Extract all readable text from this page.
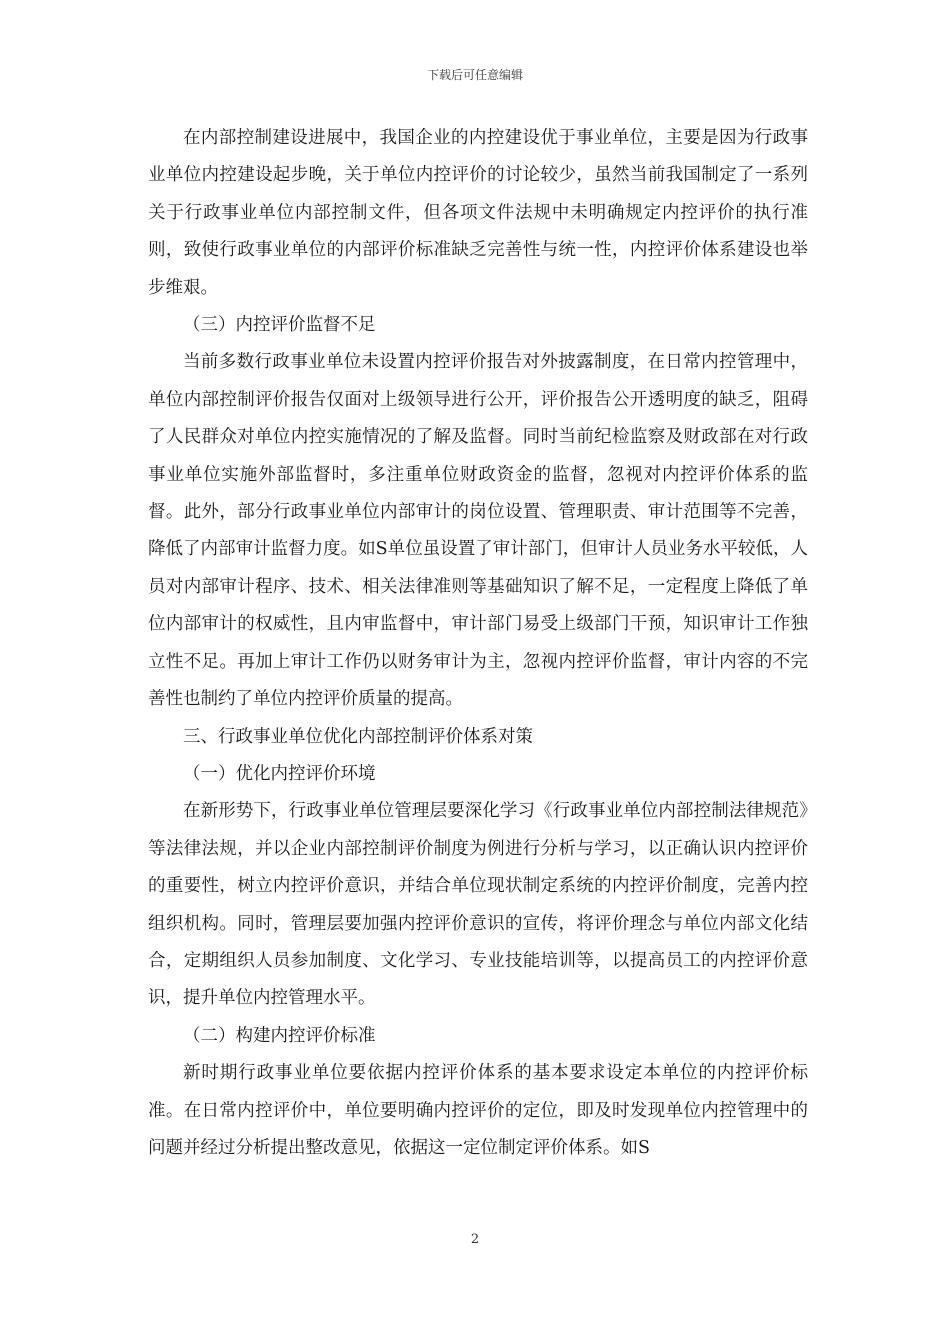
下载后可任意编辑

在内部控制建设进展中，我国企业的内控建设优于事业单位，主要是因为行政事业单位内控建设起步晚，关于单位内控评价的讨论较少，虽然当前我国制定了一系列关于行政事业单位内部控制文件，但各项文件法规中未明确规定内控评价的执行准则，致使行政事业单位的内部评价标准缺乏完善性与统一性，内控评价体系建设也举步维艰。

（三）内控评价监督不足

当前多数行政事业单位未设置内控评价报告对外披露制度，在日常内控管理中，单位内部控制评价报告仅面对上级领导进行公开，评价报告公开透明度的缺乏，阻碍了人民群众对单位内控实施情况的了解及监督。同时当前纪检监察及财政部在对行政事业单位实施外部监督时，多注重单位财政资金的监督，忽视对内控评价体系的监督。此外，部分行政事业单位内部审计的岗位设置、管理职责、审计范围等不完善，降低了内部审计监督力度。如S单位虽设置了审计部门，但审计人员业务水平较低，人员对内部审计程序、技术、相关法律准则等基础知识了解不足，一定程度上降低了单位内部审计的权威性，且内审监督中，审计部门易受上级部门干预，知识审计工作独立性不足。再加上审计工作仍以财务审计为主，忽视内控评价监督，审计内容的不完善性也制约了单位内控评价质量的提高。

三、行政事业单位优化内部控制评价体系对策

（一）优化内控评价环境

在新形势下，行政事业单位管理层要深化学习《行政事业单位内部控制法律规范》等法律法规，并以企业内部控制评价制度为例进行分析与学习，以正确认识内控评价的重要性，树立内控评价意识，并结合单位现状制定系统的内控评价制度，完善内控组织机构。同时，管理层要加强内控评价意识的宣传，将评价理念与单位内部文化结合，定期组织人员参加制度、文化学习、专业技能培训等，以提高员工的内控评价意识，提升单位内控管理水平。

（二）构建内控评价标准

新时期行政事业单位要依据内控评价体系的基本要求设定本单位的内控评价标准。在日常内控评价中，单位要明确内控评价的定位，即及时发现单位内控管理中的问题并经过分析提出整改意见，依据这一定位制定评价体系。如S

2
